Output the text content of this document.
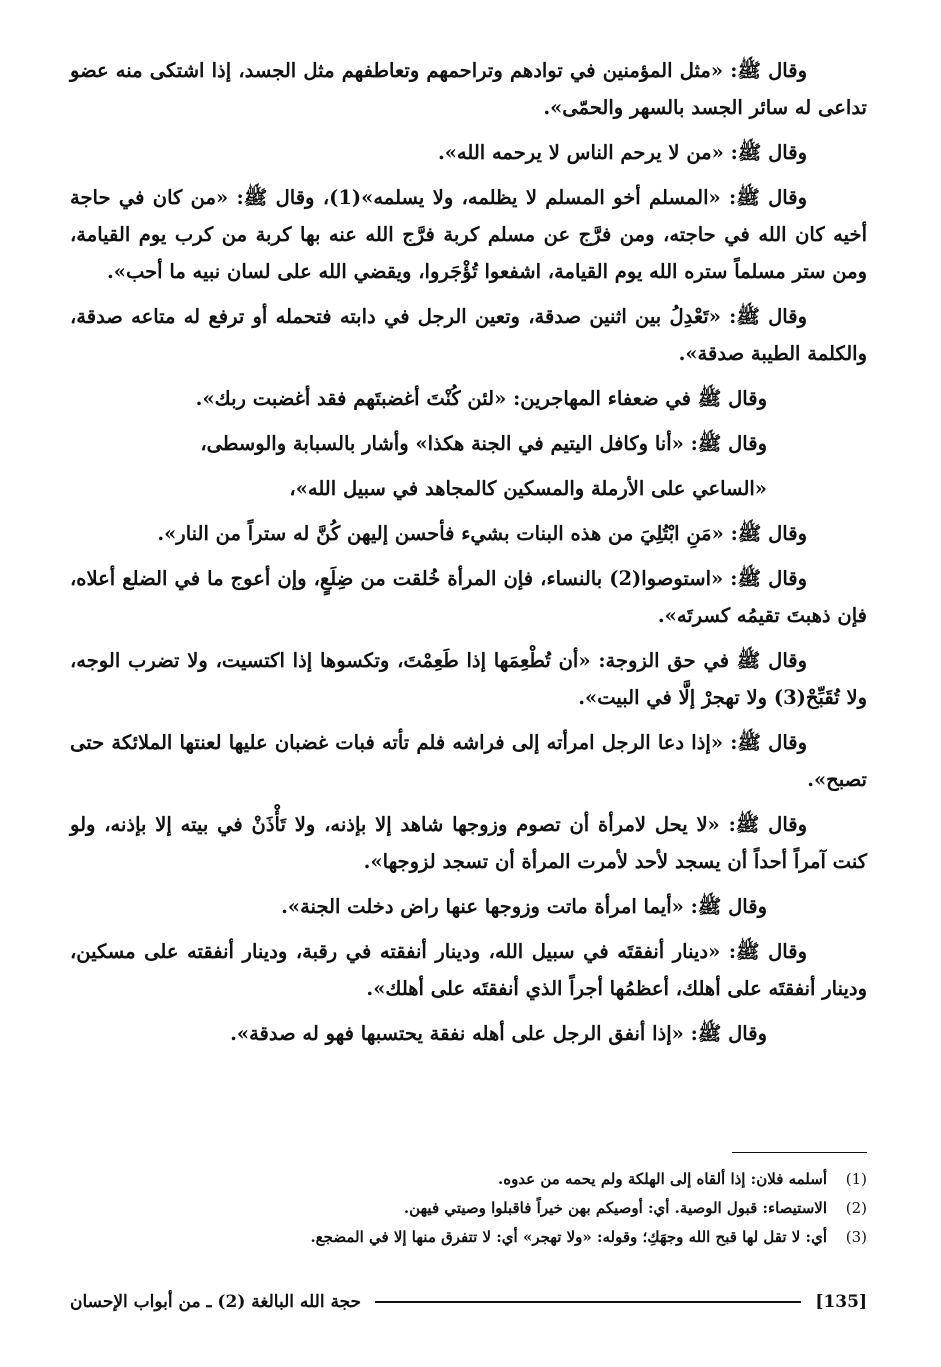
وقال ﷺ: «مثل المؤمنين في توادهم وتراحمهم وتعاطفهم مثل الجسد، إذا اشتكى منه عضو تداعى له سائر الجسد بالسهر والحمّى».

وقال ﷺ: «من لا يرحم الناس لا يرحمه الله».

وقال ﷺ: «المسلم أخو المسلم لا يظلمه، ولا يسلمه»(1)، وقال ﷺ: «من كان في حاجة أخيه كان الله في حاجته، ومن فرَّج عن مسلم كربة فرَّج الله عنه بها كربة من كرب يوم القيامة، ومن ستر مسلماً ستره الله يوم القيامة، اشفعوا تُؤْجَروا، ويقضي الله على لسان نبيه ما أحب».

وقال ﷺ: «تَعْدِلُ بين اثنين صدقة، وتعين الرجل في دابته فتحمله أو ترفع له متاعه صدقة، والكلمة الطيبة صدقة».

وقال ﷺ في ضعفاء المهاجرين: «لئن كُنْتَ أغضبتَهم فقد أغضبت ربك».

وقال ﷺ: «أنا وكافل اليتيم في الجنة هكذا» وأشار بالسبابة والوسطى،

«الساعي على الأرملة والمسكين كالمجاهد في سبيل الله»،

وقال ﷺ: «مَنِ ابْتُلِيَ من هذه البنات بشيء فأحسن إليهن كُنَّ له ستراً من النار».

وقال ﷺ: «استوصوا(2) بالنساء، فإن المرأة خُلقت من ضِلَعٍ، وإن أعوج ما في الضلع أعلاه، فإن ذهبتَ تقيمُه كسرتَه».

وقال ﷺ في حق الزوجة: «أن تُطْعِمَها إذا طَعِمْتَ، وتكسوها إذا اكتسيت، ولا تضرب الوجه، ولا تُقَبِّحْ(3) ولا تهجرْ إلَّا في البيت».

وقال ﷺ: «إذا دعا الرجل امرأته إلى فراشه فلم تأته فبات غضبان عليها لعنتها الملائكة حتى تصبح».

وقال ﷺ: «لا يحل لامرأة أن تصوم وزوجها شاهد إلا بإذنه، ولا تَأْذَنْ في بيته إلا بإذنه، ولو كنت آمراً أحداً أن يسجد لأحد لأمرت المرأة أن تسجد لزوجها».

وقال ﷺ: «أيما امرأة ماتت وزوجها عنها راض دخلت الجنة».

وقال ﷺ: «دينار أنفقتَه في سبيل الله، ودينار أنفقته في رقبة، ودينار أنفقته على مسكين، ودينار أنفقتَه على أهلك، أعظمُها أجراً الذي أنفقتَه على أهلك».

وقال ﷺ: «إذا أنفق الرجل على أهله نفقة يحتسبها فهو له صدقة».

(1)
أسلمه فلان: إذا ألقاه إلى الهلكة ولم يحمه من عدوه.
(2)
الاستيصاء: قبول الوصية. أي: أوصيكم بهن خيراً فاقبلوا وصيتي فيهن.
(3)
أي: لا تقل لها قبح الله وجهَكِ؛ وقوله: «ولا تهجر» أي: لا تتفرق منها إلا في المضجع.
[135]
حجة الله البالغة (2) ـ من أبواب الإحسان
